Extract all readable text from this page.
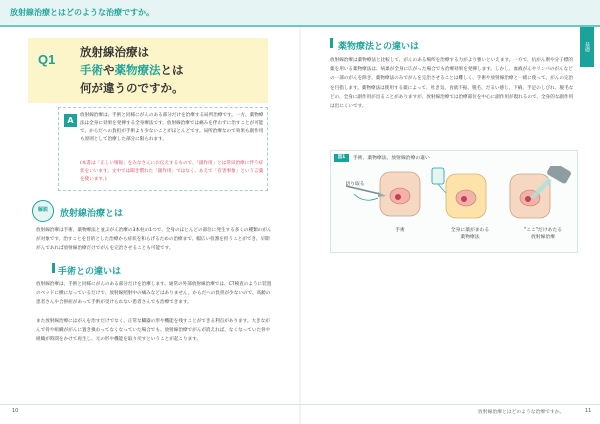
放射線治療とはどのような治療ですか。
Q1 放射線治療は
手術や薬物療法とは
何が違うのですか。
A
放射線治療は、手術と同様にがんのある部分だけを治療する局所治療です。一方、薬物療法は全身に効果を発揮する全身療法です。放射線治療では痛みを伴わずに治すことが可能で、からだへの負担が手術より少ないことがほとんどです。局所治療なので効果も副作用も原則として治療した部分に限られます。
(本書は「正しい情報」をみなさんにお伝えするもので、「副作用」とは常识治療に伴う症状をいいます。文中では聞き慣れた「副作用」ではなく、あえて「有害事象」という言葉を使います。)
解説	放射線治療とは
放射線治療は手術、薬物療法と並ぶがん治療の3本柱の1つで、全身のほとんどの部位に発生する多くの種類のがんが対象です。治すことを目的とした治療から症状を和らげるための治療まで、幅広い役割を担うことができ、早期がんであれば放射線治療だけでがんを完治させることも可能です。
手術との違いは
放射線治療は、手術と同様にがんのある部分だけを治療します。通常の外部放射線治療では、CT検査のように装置のベッドに横になっているだけで、放射線照射中の痛みなどはありません。からだへの負担が少ないので、高齢の患者さんや合併症があって手術が受けられない患者さんでも治療できます。
また放射線治療にはがんを治すだけでなく、正常な臓器の形や機能を残すことができる利点があります。大きながんで骨や組織ががんに置き換わってなくなっていた場合でも、放射線治療でがんが消えれば、なくなっていた骨や組織が時間をかけて再生し、元の形や機能を取り戻すということが起こります。
薬物療法との違いは
放射線治療は薬物療法と比較して、がんのある場所を治療する力がより強いといえます。一方で、抗がん剤や分子標的薬を用いる薬物療法は、病巣が全身に広がった場合でも治療効果を発揮します。しかし、血液がんやリンパのがんなどの一部のがんを除き、薬物療法のみでがんを完治させることは難しく、手術や放射線治療と一緒に使って、がんの完治を目指します。薬物療法は使用する薬によって、吐き気、食欲不振、脱毛、だるい感じ、下痢、手足のしびれ、脱毛などの、全身に副作用が出ることがありますが、放射線治療では治療部位を中心に副作用が現れるので、全身的な副作用は出にくいです。
図1	手術、薬物療法、放射線治療の違い
切り取る
手術	全身に薬がまわる
薬物療法
"ここ"だけあたる
放射線治療
基礎
10	放射線治療とはどのような治療ですか。	11
